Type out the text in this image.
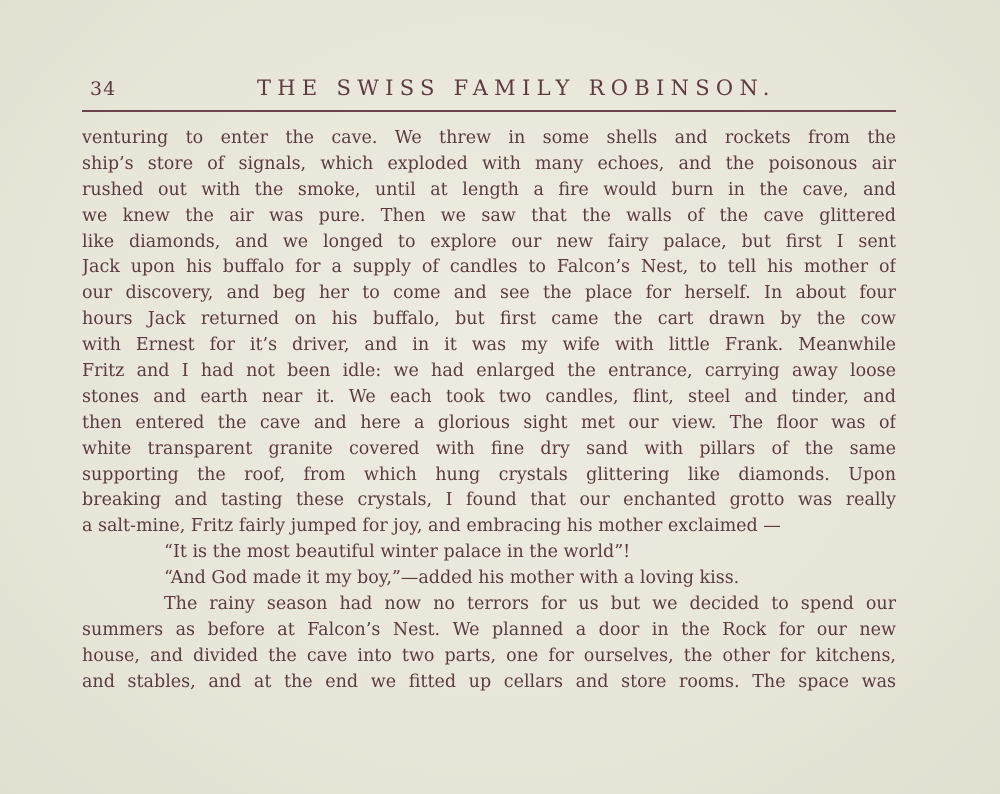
34	THE SWISS FAMILY ROBINSON.
venturing to enter the cave. We threw in some shells and rockets from the
ship’s store of signals, which exploded with many echoes, and the poisonous air
rushed out with the smoke, until at length a fire would burn in the cave, and
we knew the air was pure. Then we saw that the walls of the cave glittered
like diamonds, and we longed to explore our new fairy palace, but first I sent
Jack upon his buffalo for a supply of candles to Falcon’s Nest, to tell his mother of
our discovery, and beg her to come and see the place for herself. In about four
hours Jack returned on his buffalo, but first came the cart drawn by the cow
with Ernest for it’s driver, and in it was my wife with little Frank. Meanwhile
Fritz and I had not been idle: we had enlarged the entrance, carrying away loose
stones and earth near it. We each took two candles, flint, steel and tinder, and
then entered the cave and here a glorious sight met our view. The floor was of
white transparent granite covered with fine dry sand with pillars of the same
supporting the roof, from which hung crystals glittering like diamonds. Upon
breaking and tasting these crystals, I found that our enchanted grotto was really
a salt-mine, Fritz fairly jumped for joy, and embracing his mother exclaimed —
“It is the most beautiful winter palace in the world”!
“And God made it my boy,”—added his mother with a loving kiss.
The rainy season had now no terrors for us but we decided to spend our
summers as before at Falcon’s Nest. We planned a door in the Rock for our new
house, and divided the cave into two parts, one for ourselves, the other for kitchens,
and stables, and at the end we fitted up cellars and store rooms. The space was
